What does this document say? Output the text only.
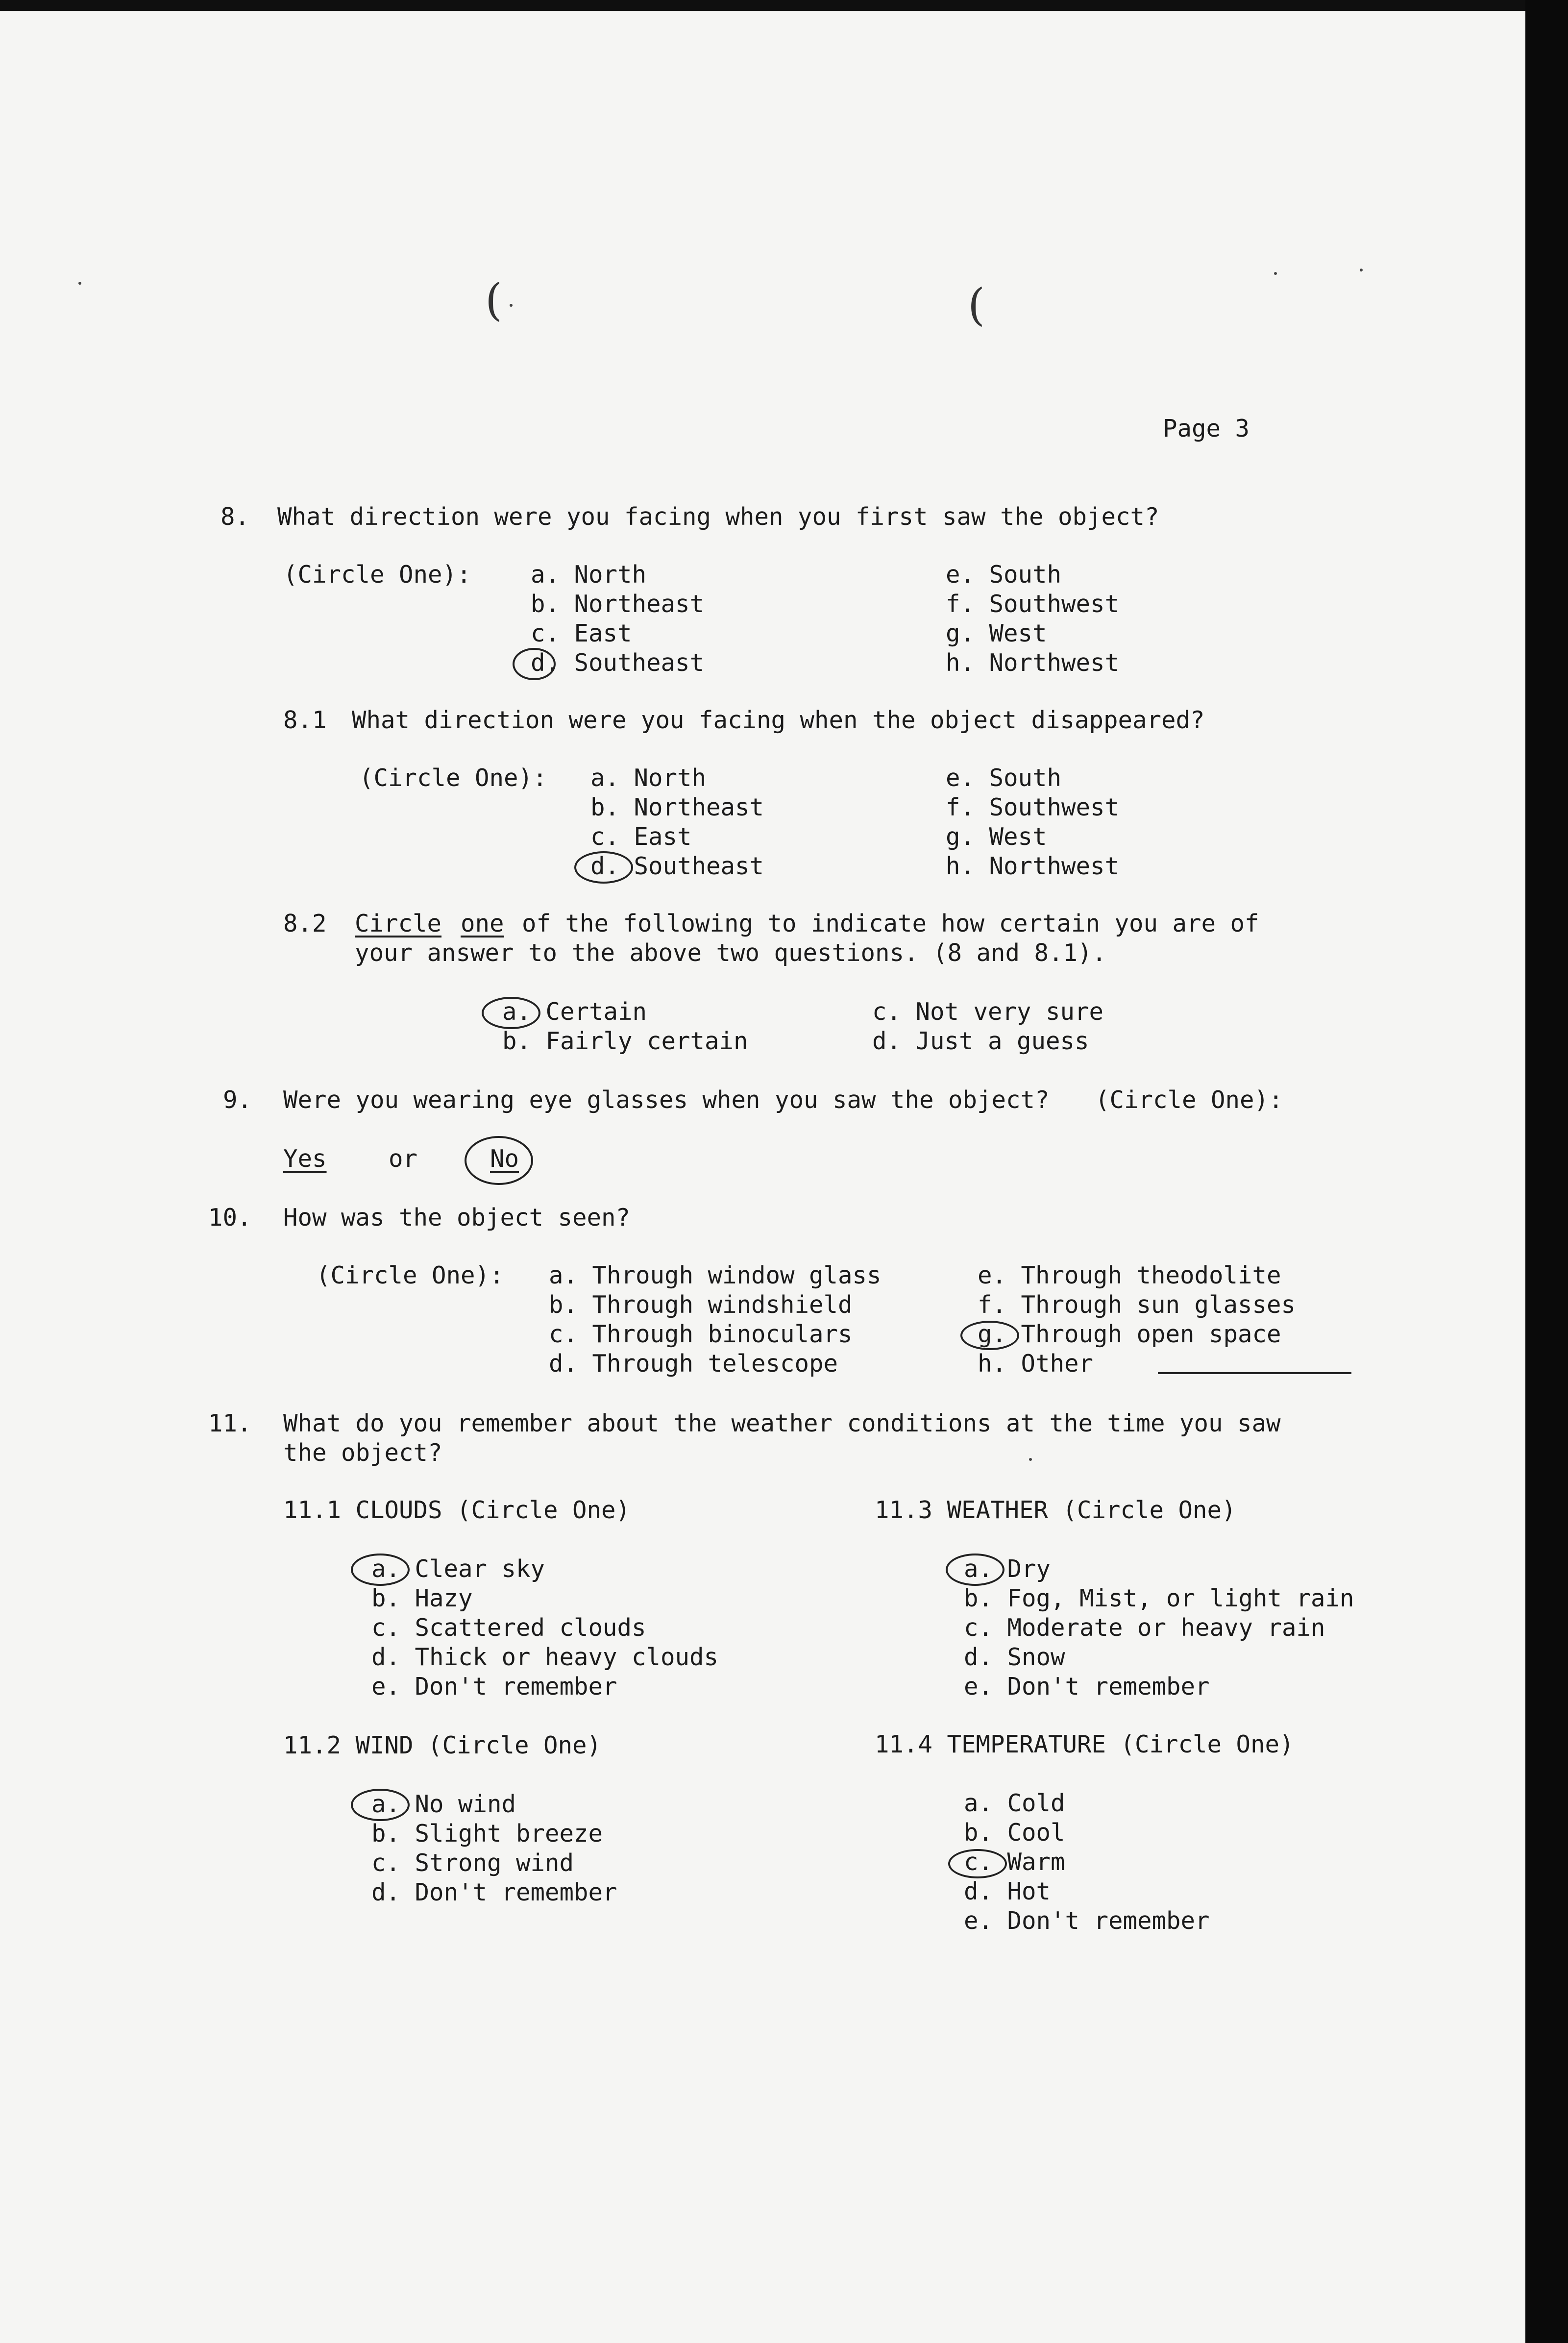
(	(
Page 3
8. What direction were you facing when you first saw the object?
(Circle One): a. North
b. Northeast
c. East
d. Southeast
e. South
f. Southwest
g. West
h. Northwest
8.1 What direction were you facing when the object disappeared?
(Circle One): a. North
b. Northeast
c. East
d. Southeast
e. South
f. Southwest
g. West
h. Northwest
8.2 Circle one of the following to indicate how certain you are of
your answer to the above two questions. (8 and 8.1).
a. Certain
b. Fairly certain
c. Not very sure
d. Just a guess
9. Were you wearing eye glasses when you saw the object? (Circle One):
Yes	or	No
10. How was the object seen?
(Circle One): a. Through window glass
b. Through windshield
c. Through binoculars
d. Through telescope
e. Through theodolite
f. Through sun glasses
g. Through open space
h. Other
11. What do you remember about the weather conditions at the time you saw
the object?
11.1 CLOUDS (Circle One)
a. Clear sky
b. Hazy
c. Scattered clouds
d. Thick or heavy clouds
e. Don't remember
11.3 WEATHER (Circle One)
a. Dry
b. Fog, Mist, or light rain
c. Moderate or heavy rain
d. Snow
e. Don't remember
11.2 WIND (Circle One)
a. No wind
b. Slight breeze
c. Strong wind
d. Don't remember
11.4 TEMPERATURE (Circle One)
a. Cold
b. Cool
c. Warm
d. Hot
e. Don't remember
